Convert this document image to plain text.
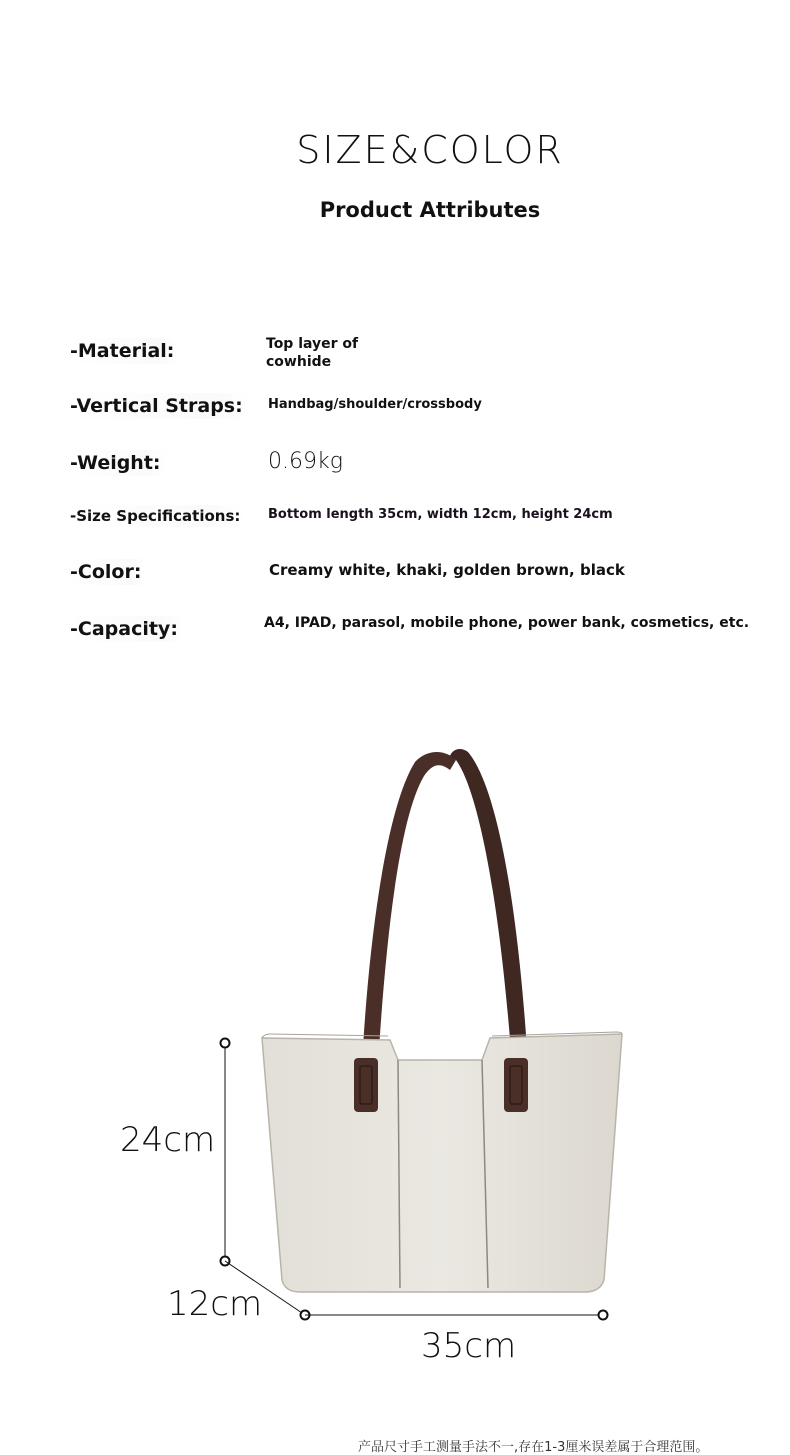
SIZE&COLOR
Product Attributes
-Material:	Top layer of cowhide
-Vertical Straps:	Handbag/shoulder/crossbody
-Weight:	0.69kg
-Size Specifications:	Bottom length 35cm, width 12cm, height 24cm
-Color:	Creamy white, khaki, golden brown, black
-Capacity:	A4, IPAD, parasol, mobile phone, power bank, cosmetics, etc.
24cm
12cm
35cm
产品尺寸手工测量手法不一,存在1-3厘米误差属于合理范围。
